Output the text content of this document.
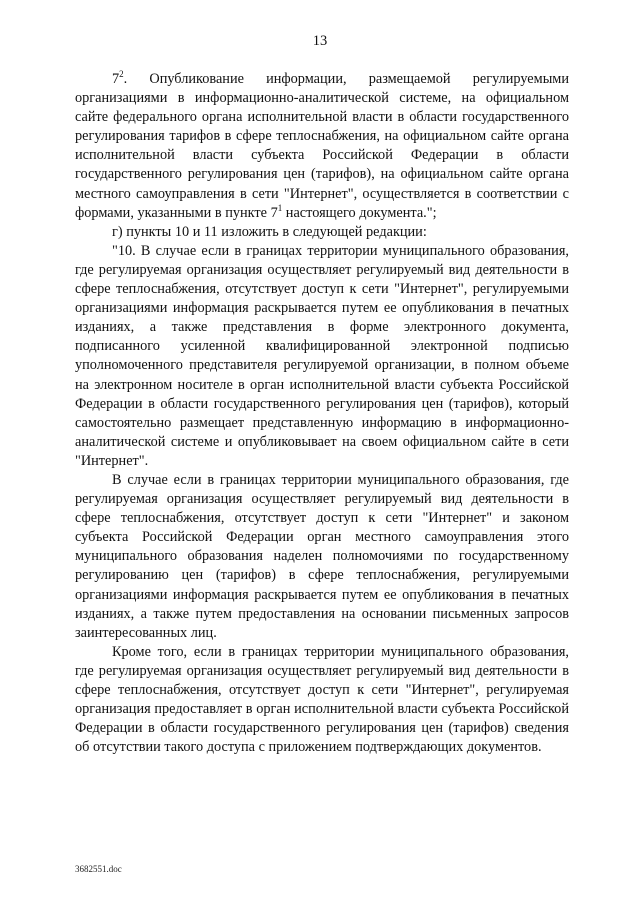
13

$7^2$. Опубликование информации, размещаемой регулируемыми организациями в информационно-аналитической системе, на официальном сайте федерального органа исполнительной власти в области государственного регулирования тарифов в сфере теплоснабжения, на официальном сайте органа исполнительной власти субъекта Российской Федерации в области государственного регулирования цен (тарифов), на официальном сайте органа местного самоуправления в сети "Интернет", осуществляется в соответствии с формами, указанными в пункте $7^1$ настоящего документа.";

г) пункты 10 и 11 изложить в следующей редакции:

"10. В случае если в границах территории муниципального образования, где регулируемая организация осуществляет регулируемый вид деятельности в сфере теплоснабжения, отсутствует доступ к сети "Интернет", регулируемыми организациями информация раскрывается путем ее опубликования в печатных изданиях, а также представления в форме электронного документа, подписанного усиленной квалифицированной электронной подписью уполномоченного представителя регулируемой организации, в полном объеме на электронном носителе в орган исполнительной власти субъекта Российской Федерации в области государственного регулирования цен (тарифов), который самостоятельно размещает представленную информацию в информационно-аналитической системе и опубликовывает на своем официальном сайте в сети "Интернет".

В случае если в границах территории муниципального образования, где регулируемая организация осуществляет регулируемый вид деятельности в сфере теплоснабжения, отсутствует доступ к сети "Интернет" и законом субъекта Российской Федерации орган местного самоуправления этого муниципального образования наделен полномочиями по государственному регулированию цен (тарифов) в сфере теплоснабжения, регулируемыми организациями информация раскрывается путем ее опубликования в печатных изданиях, а также путем предоставления на основании письменных запросов заинтересованных лиц.

Кроме того, если в границах территории муниципального образования, где регулируемая организация осуществляет регулируемый вид деятельности в сфере теплоснабжения, отсутствует доступ к сети "Интернет", регулируемая организация предоставляет в орган исполнительной власти субъекта Российской Федерации в области государственного регулирования цен (тарифов) сведения об отсутствии такого доступа с приложением подтверждающих документов.

3682551.doc
